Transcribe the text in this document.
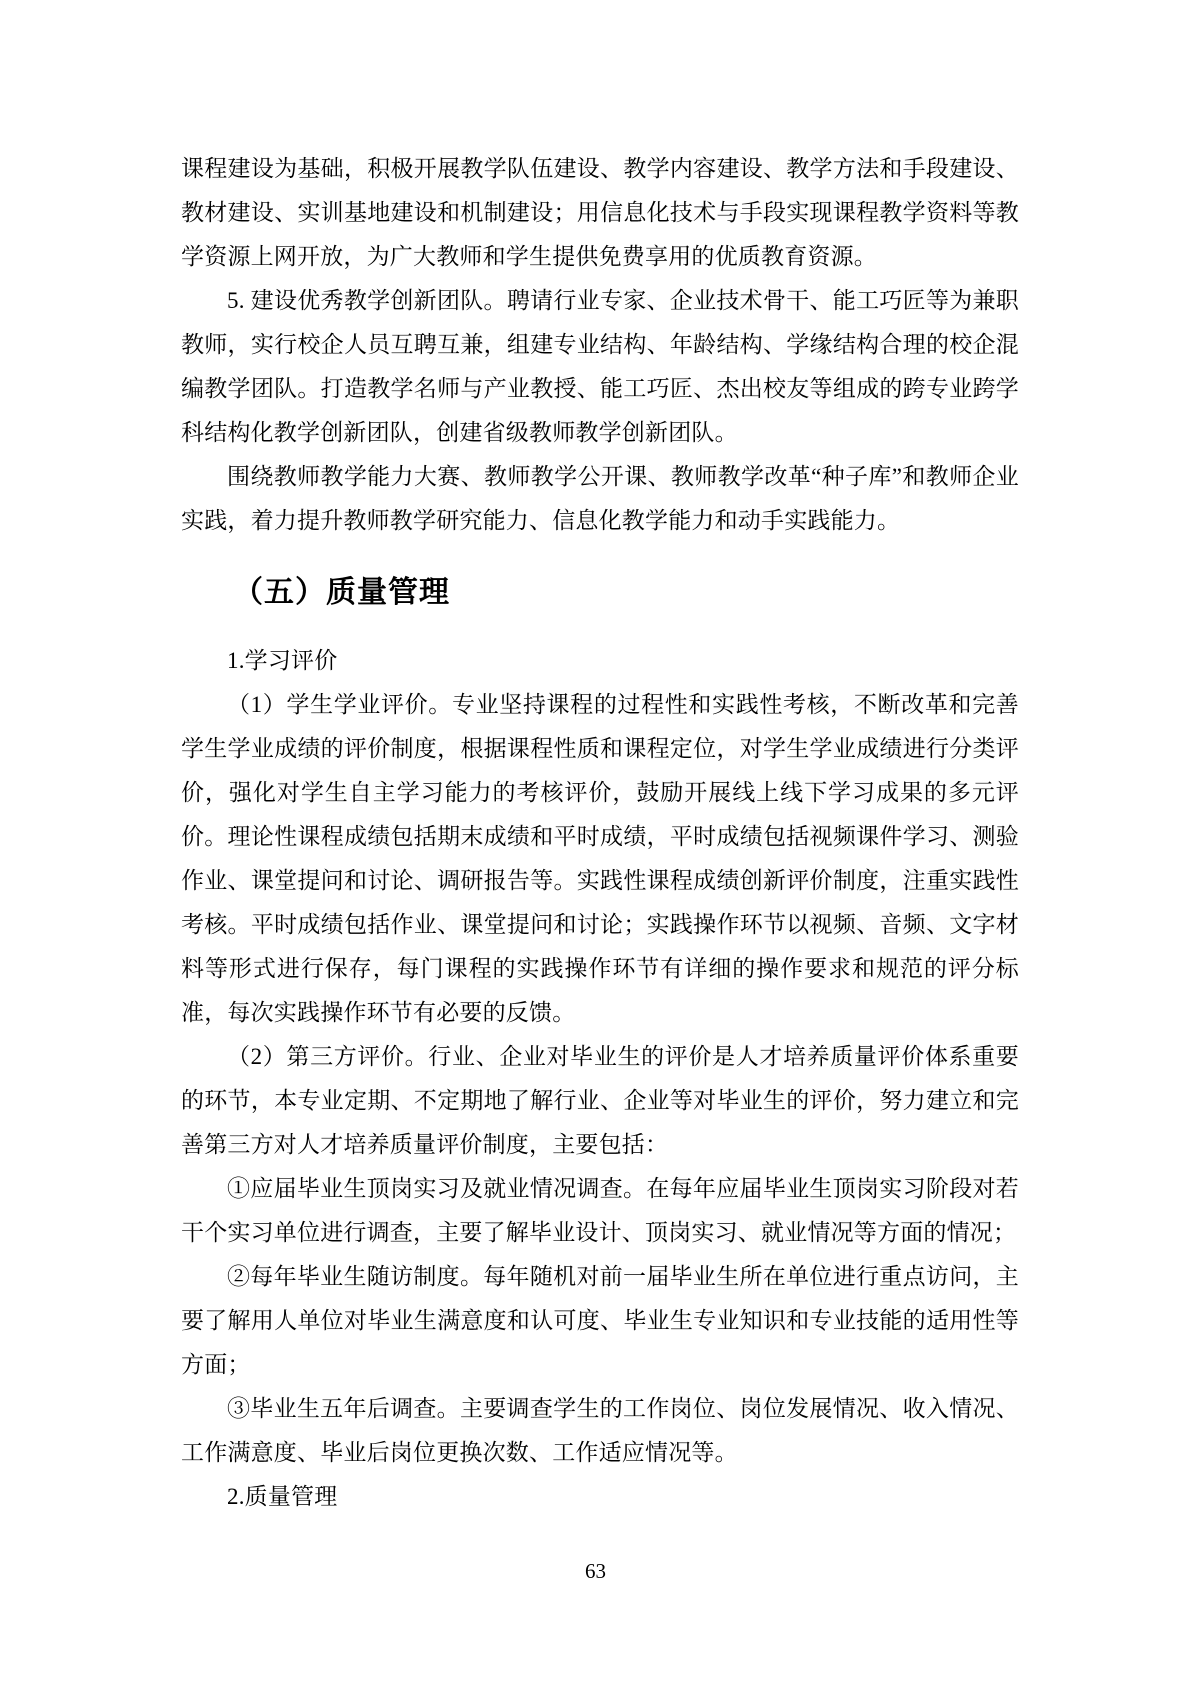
课程建设为基础，积极开展教学队伍建设、教学内容建设、教学方法和手段建设、教材建设、实训基地建设和机制建设；用信息化技术与手段实现课程教学资料等教学资源上网开放，为广大教师和学生提供免费享用的优质教育资源。

5. 建设优秀教学创新团队。聘请行业专家、企业技术骨干、能工巧匠等为兼职教师，实行校企人员互聘互兼，组建专业结构、年龄结构、学缘结构合理的校企混编教学团队。打造教学名师与产业教授、能工巧匠、杰出校友等组成的跨专业跨学科结构化教学创新团队，创建省级教师教学创新团队。

围绕教师教学能力大赛、教师教学公开课、教师教学改革“种子库”和教师企业实践，着力提升教师教学研究能力、信息化教学能力和动手实践能力。

（五）质量管理

1.学习评价

（1）学生学业评价。专业坚持课程的过程性和实践性考核，不断改革和完善学生学业成绩的评价制度，根据课程性质和课程定位，对学生学业成绩进行分类评价，强化对学生自主学习能力的考核评价，鼓励开展线上线下学习成果的多元评价。理论性课程成绩包括期末成绩和平时成绩，平时成绩包括视频课件学习、测验作业、课堂提问和讨论、调研报告等。实践性课程成绩创新评价制度，注重实践性考核。平时成绩包括作业、课堂提问和讨论；实践操作环节以视频、音频、文字材料等形式进行保存，每门课程的实践操作环节有详细的操作要求和规范的评分标准，每次实践操作环节有必要的反馈。

（2）第三方评价。行业、企业对毕业生的评价是人才培养质量评价体系重要的环节，本专业定期、不定期地了解行业、企业等对毕业生的评价，努力建立和完善第三方对人才培养质量评价制度，主要包括：

①应届毕业生顶岗实习及就业情况调查。在每年应届毕业生顶岗实习阶段对若干个实习单位进行调查，主要了解毕业设计、顶岗实习、就业情况等方面的情况；

②每年毕业生随访制度。每年随机对前一届毕业生所在单位进行重点访问，主要了解用人单位对毕业生满意度和认可度、毕业生专业知识和专业技能的适用性等方面；

③毕业生五年后调查。主要调查学生的工作岗位、岗位发展情况、收入情况、工作满意度、毕业后岗位更换次数、工作适应情况等。

2.质量管理

63
